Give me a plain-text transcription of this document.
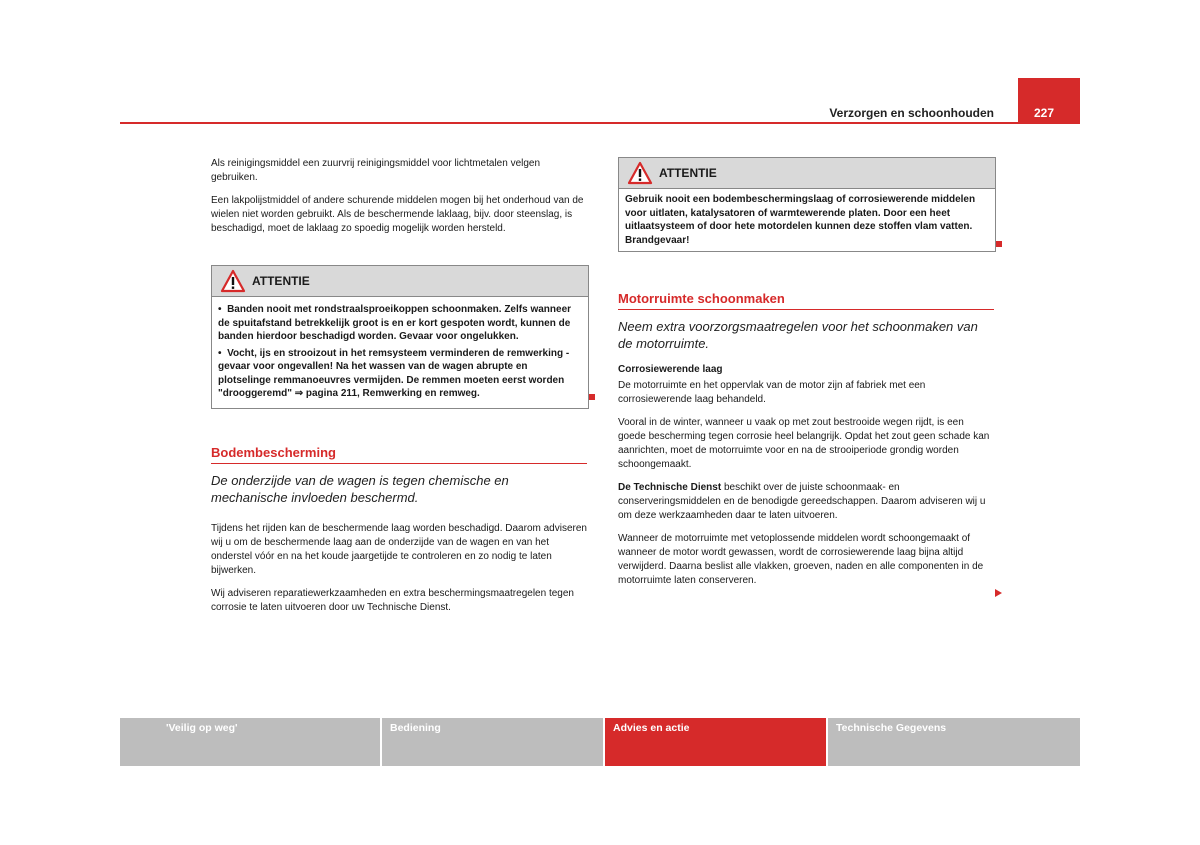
227
Verzorgen en schoonhouden

Als reinigingsmiddel een zuurvrij reinigingsmiddel voor lichtmetalen velgen gebruiken.

Een lakpolijstmiddel of andere schurende middelen mogen bij het onderhoud van de wielen niet worden gebruikt. Als de beschermende laklaag, bijv. door steenslag, is beschadigd, moet de laklaag zo spoedig mogelijk worden hersteld.

ATTENTIE
•  Banden nooit met rondstraalsproeikoppen schoonmaken. Zelfs wanneer de spuitafstand betrekkelijk groot is en er kort gespoten wordt, kunnen de banden hierdoor beschadigd worden. Gevaar voor ongelukken.
•  Vocht, ijs en strooizout in het remsysteem verminderen de remwerking - gevaar voor ongevallen! Na het wassen van de wagen abrupte en plotselinge remmanoeuvres vermijden. De remmen moeten eerst worden "drooggeremd" ⇒ pagina 211, Remwerking en remweg.
Bodembescherming

De onderzijde van de wagen is tegen chemische en mechanische invloeden beschermd.

Tijdens het rijden kan de beschermende laag worden beschadigd. Daarom adviseren wij u om de beschermende laag aan de onderzijde van de wagen en van het onderstel vóór en na het koude jaargetijde te controleren en zo nodig te laten bijwerken.

Wij adviseren reparatiewerkzaamheden en extra beschermingsmaatregelen tegen corrosie te laten uitvoeren door uw Technische Dienst.

ATTENTIE
Gebruik nooit een bodembeschermingslaag of corrosiewerende middelen voor uitlaten, katalysatoren of warmtewerende platen. Door een heet uitlaatsysteem of door hete motordelen kunnen deze stoffen vlam vatten. Brandgevaar!
Motorruimte schoonmaken

Neem extra voorzorgsmaatregelen voor het schoonmaken van de motorruimte.

Corrosiewerende laag

De motorruimte en het oppervlak van de motor zijn af fabriek met een corrosiewerende laag behandeld.

Vooral in de winter, wanneer u vaak op met zout bestrooide wegen rijdt, is een goede bescherming tegen corrosie heel belangrijk. Opdat het zout geen schade kan aanrichten, moet de motorruimte voor en na de strooiperiode grondig worden schoongemaakt.

De Technische Dienst beschikt over de juiste schoonmaak- en conserveringsmiddelen en de benodigde gereedschappen. Daarom adviseren wij u om deze werkzaamheden daar te laten uitvoeren.

Wanneer de motorruimte met vetoplossende middelen wordt schoongemaakt of wanneer de motor wordt gewassen, wordt de corrosiewerende laag bijna altijd verwijderd. Daarna beslist alle vlakken, groeven, naden en alle componenten in de motorruimte laten conserveren.

'Veilig op weg'	Bediening	Advies en actie	Technische Gegevens
